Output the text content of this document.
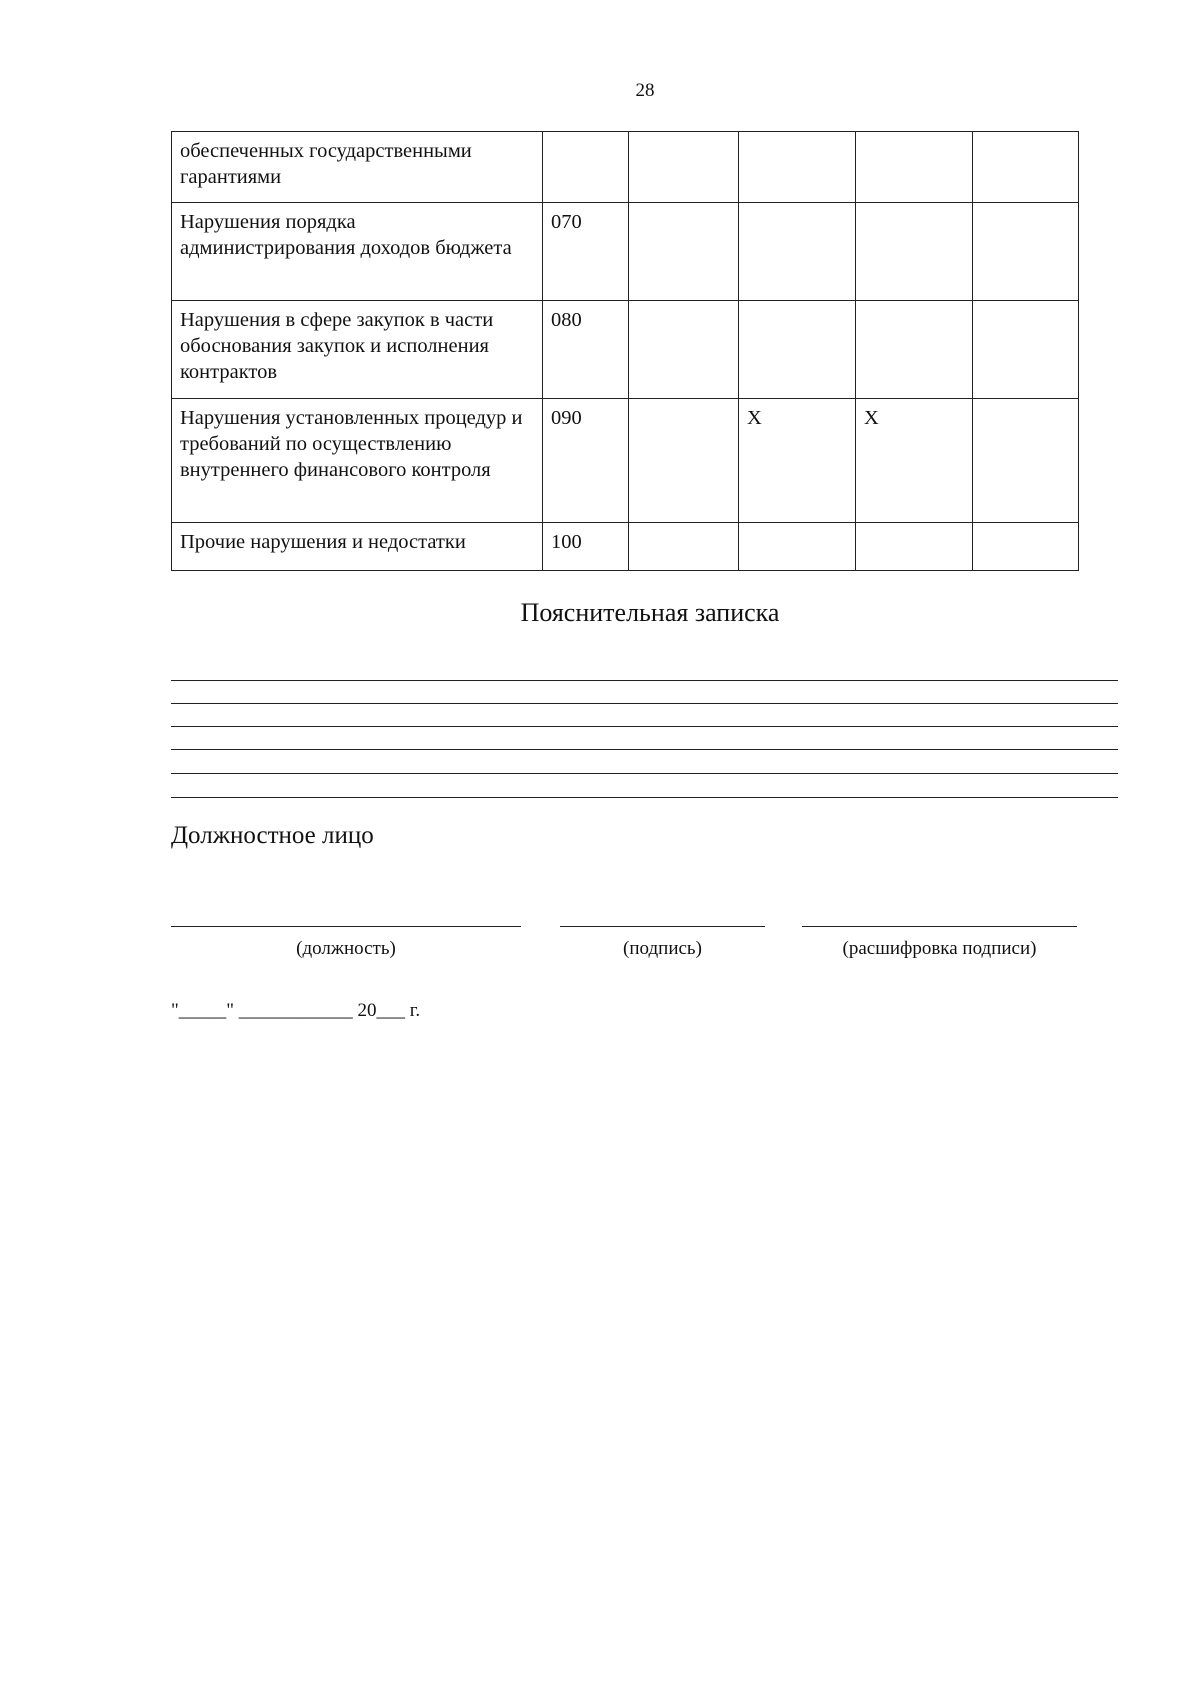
28
обеспеченных государственными гарантиями					
Нарушения порядка администрирования доходов бюджета	070				
Нарушения в сфере закупок в части обоснования закупок и исполнения контрактов	080				
Нарушения установленных процедур и требований по осуществлению внутреннего финансового контроля	090		X	X	
Прочие нарушения и недостатки	100				
Пояснительная записка
Должностное лицо
(должность)	(подпись)	(расшифровка подписи)
"_____" ____________ 20___ г.
